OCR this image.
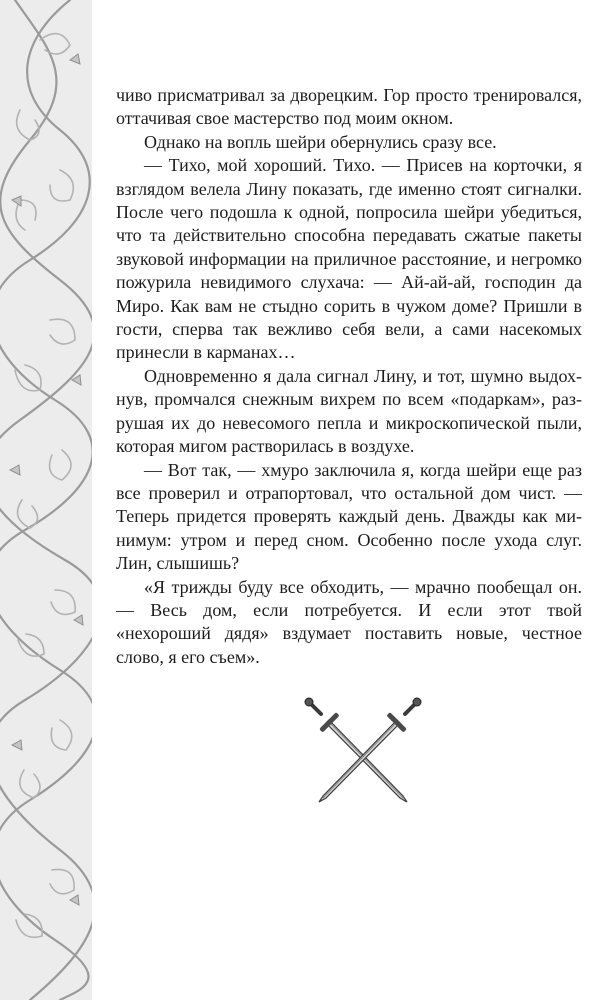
чиво присматривал за дворецким. Гор просто тренировался, оттачивая свое мастерство под моим окном.

Однако на вопль шейри обернулись сразу все.

— Тихо, мой хороший. Тихо. — Присев на корточки, я взглядом велела Лину показать, где именно стоят сигналки. После чего подошла к одной, попросила шейри убедиться, что та действительно способна передавать сжатые пакеты звуковой информации на приличное расстояние, и негромко пожурила невидимого слухача: — Ай-ай-ай, господин да Миро. Как вам не стыдно сорить в чужом доме? Пришли в гости, сперва так вежливо себя вели, а сами насекомых принесли в карманах…

Одновременно я дала сигнал Лину, и тот, шумно выдохнув, промчался снежным вихрем по всем «подаркам», разрушая их до невесомого пепла и микроскопической пыли, которая мигом растворилась в воздухе.

— Вот так, — хмуро заключила я, когда шейри еще раз все проверил и отрапортовал, что остальной дом чист. — Теперь придется проверять каждый день. Дважды как минимум: утром и перед сном. Особенно после ухода слуг. Лин, слышишь?

«Я трижды буду все обходить, — мрачно пообещал он. — Весь дом, если потребуется. И если этот твой «нехороший дядя» вздумает поставить новые, честное слово, я его съем».
